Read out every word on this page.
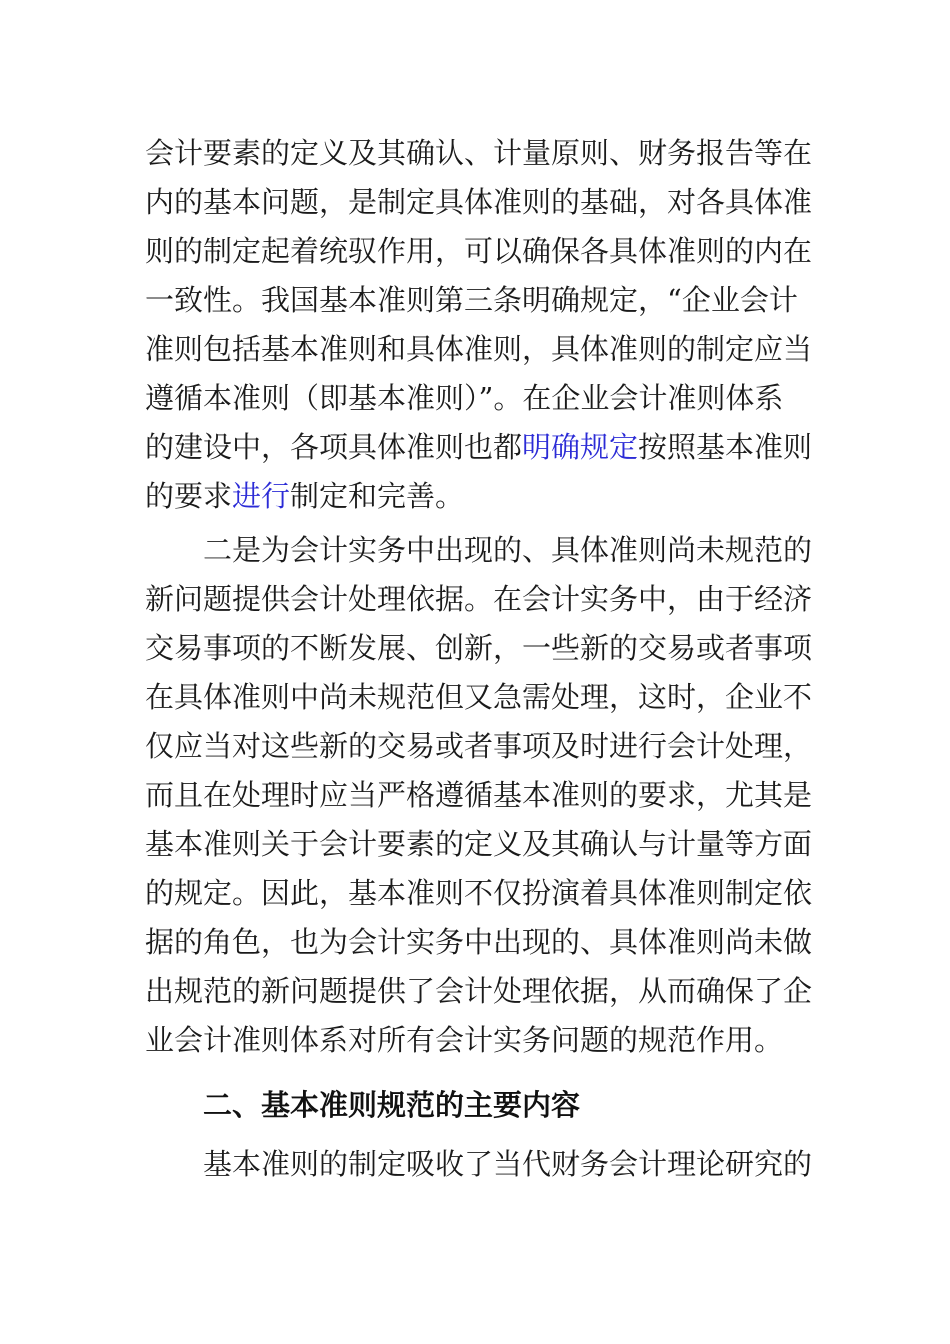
会计要素的定义及其确认、计量原则、财务报告等在
内的基本问题，是制定具体准则的基础，对各具体准
则的制定起着统驭作用，可以确保各具体准则的内在
一致性。我国基本准则第三条明确规定，“企业会计
准则包括基本准则和具体准则，具体准则的制定应当
遵循本准则（即基本准则）”。在企业会计准则体系
的建设中，各项具体准则也都明确规定按照基本准则
的要求进行制定和完善。
二是为会计实务中出现的、具体准则尚未规范的
新问题提供会计处理依据。在会计实务中，由于经济
交易事项的不断发展、创新，一些新的交易或者事项
在具体准则中尚未规范但又急需处理，这时，企业不
仅应当对这些新的交易或者事项及时进行会计处理，
而且在处理时应当严格遵循基本准则的要求，尤其是
基本准则关于会计要素的定义及其确认与计量等方面
的规定。因此，基本准则不仅扮演着具体准则制定依
据的角色，也为会计实务中出现的、具体准则尚未做
出规范的新问题提供了会计处理依据，从而确保了企
业会计准则体系对所有会计实务问题的规范作用。
二、基本准则规范的主要内容
基本准则的制定吸收了当代财务会计理论研究的
